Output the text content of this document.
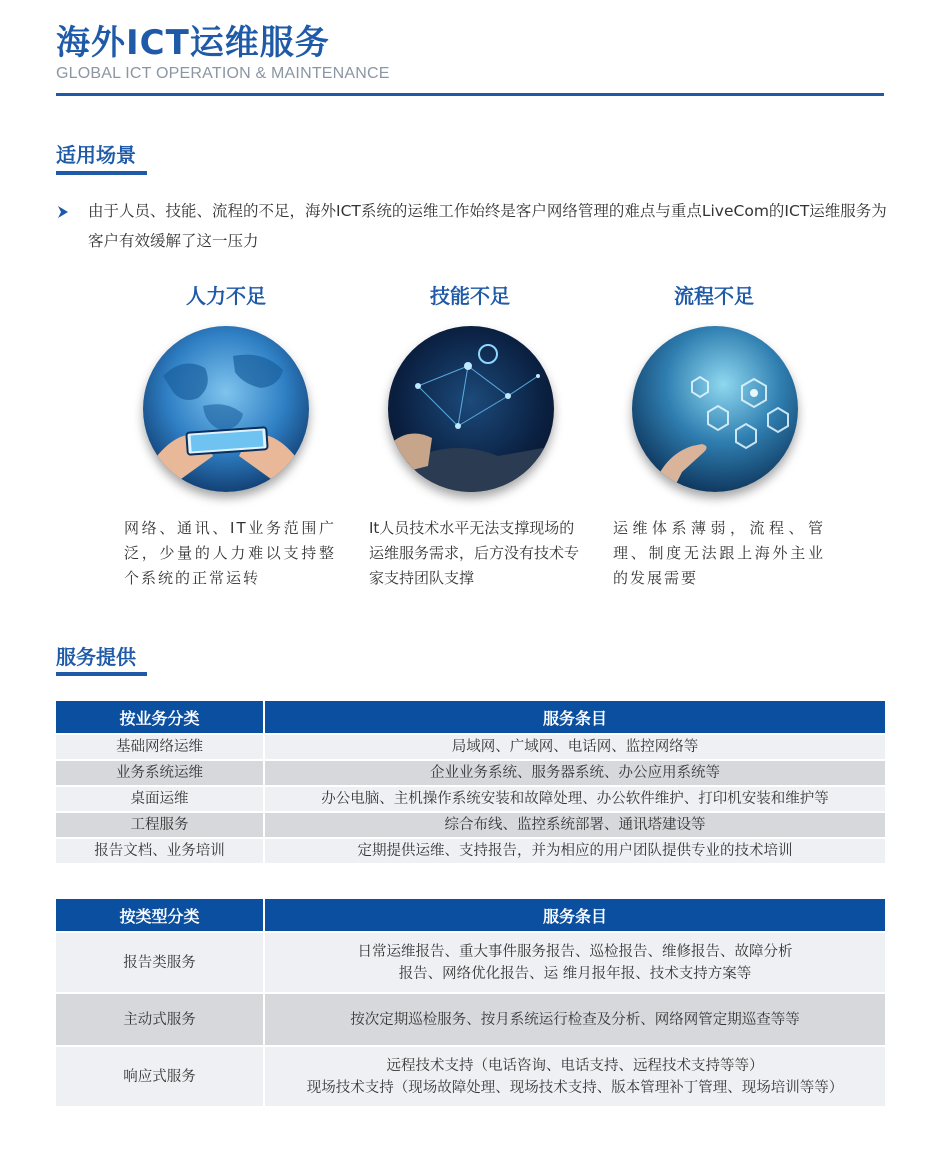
海外ICT运维服务
GLOBAL ICT OPERATION & MAINTENANCE
适用场景

由于人员、技能、流程的不足，海外ICT系统的运维工作始终是客户网络管理的难点与重点LiveCom的ICT运维服务为客户有效缓解了这一压力

人力不足

网络、通讯、IT业务范围广泛，少量的人力难以支持整个系统的正常运转

技能不足

It人员技术水平无法支撑现场的运维服务需求，后方没有技术专家支持团队支撑

流程不足

运维体系薄弱，流程、管理、制度无法跟上海外主业的发展需要

服务提供
按业务分类	服务条目
基础网络运维	局域网、广域网、电话网、监控网络等
业务系统运维	企业业务系统、服务器系统、办公应用系统等
桌面运维	办公电脑、主机操作系统安装和故障处理、办公软件维护、打印机安装和维护等
工程服务	综合布线、监控系统部署、通讯塔建设等
报告文档、业务培训	定期提供运维、支持报告，并为相应的用户团队提供专业的技术培训
按类型分类	服务条目
报告类服务	日常运维报告、重大事件服务报告、巡检报告、维修报告、故障分析
报告、网络优化报告、运 维月报年报、技术支持方案等

主动式服务	按次定期巡检服务、按月系统运行检查及分析、网络网管定期巡查等等

响应式服务	远程技术支持（电话咨询、电话支持、远程技术支持等等）
现场技术支持（现场故障处理、现场技术支持、版本管理补丁管理、现场培训等等）
